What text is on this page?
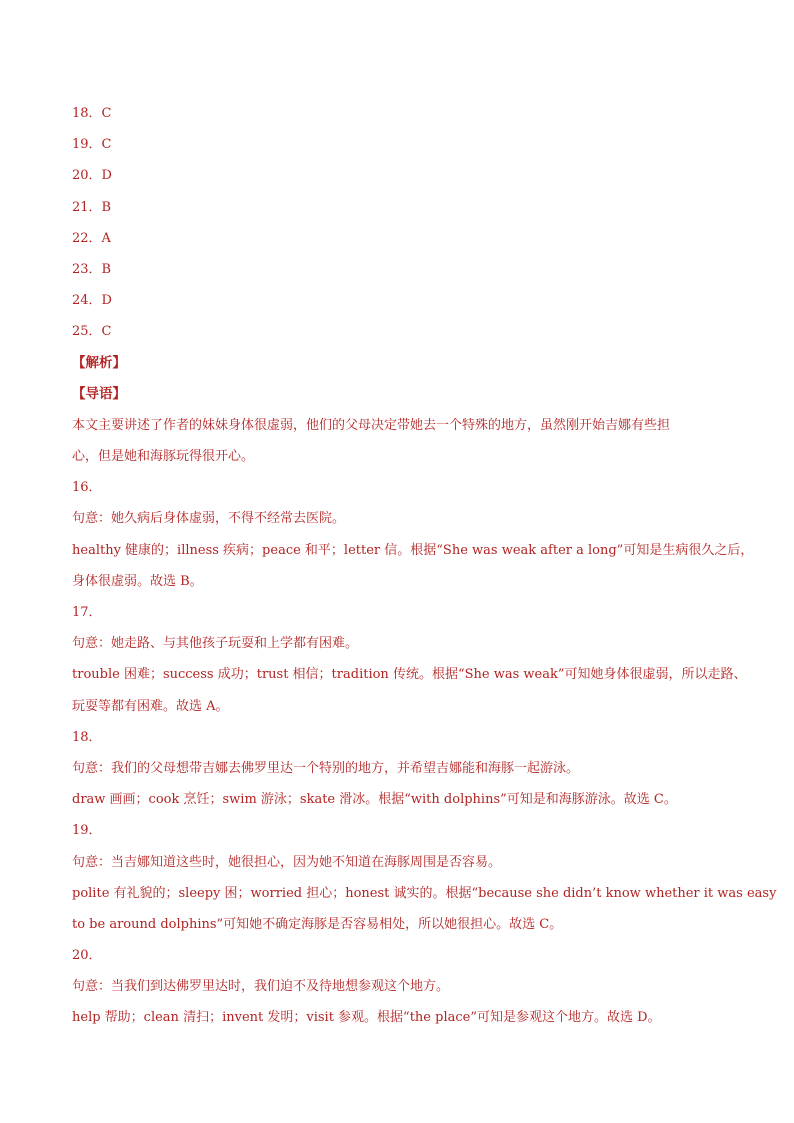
18．C
19．C
20．D
21．B
22．A
23．B
24．D
25．C
【解析】
【导语】
本文主要讲述了作者的妹妹身体很虚弱，他们的父母决定带她去一个特殊的地方，虽然刚开始吉娜有些担
心，但是她和海豚玩得很开心。
16．
句意：她久病后身体虚弱，不得不经常去医院。
healthy 健康的；illness 疾病；peace 和平；letter 信。根据“She was weak after a long”可知是生病很久之后，
身体很虚弱。故选 B。
17．
句意：她走路、与其他孩子玩耍和上学都有困难。
trouble 困难；success 成功；trust 相信；tradition 传统。根据“She was weak”可知她身体很虚弱，所以走路、
玩耍等都有困难。故选 A。
18．
句意：我们的父母想带吉娜去佛罗里达一个特别的地方，并希望吉娜能和海豚一起游泳。
draw 画画；cook 烹饪；swim 游泳；skate 滑冰。根据“with dolphins”可知是和海豚游泳。故选 C。
19．
句意：当吉娜知道这些时，她很担心，因为她不知道在海豚周围是否容易。
polite 有礼貌的；sleepy 困；worried 担心；honest 诚实的。根据“because she didn’t know whether it was easy
to be around dolphins”可知她不确定海豚是否容易相处，所以她很担心。故选 C。
20．
句意：当我们到达佛罗里达时，我们迫不及待地想参观这个地方。
help 帮助；clean 清扫；invent 发明；visit 参观。根据“the place”可知是参观这个地方。故选 D。
